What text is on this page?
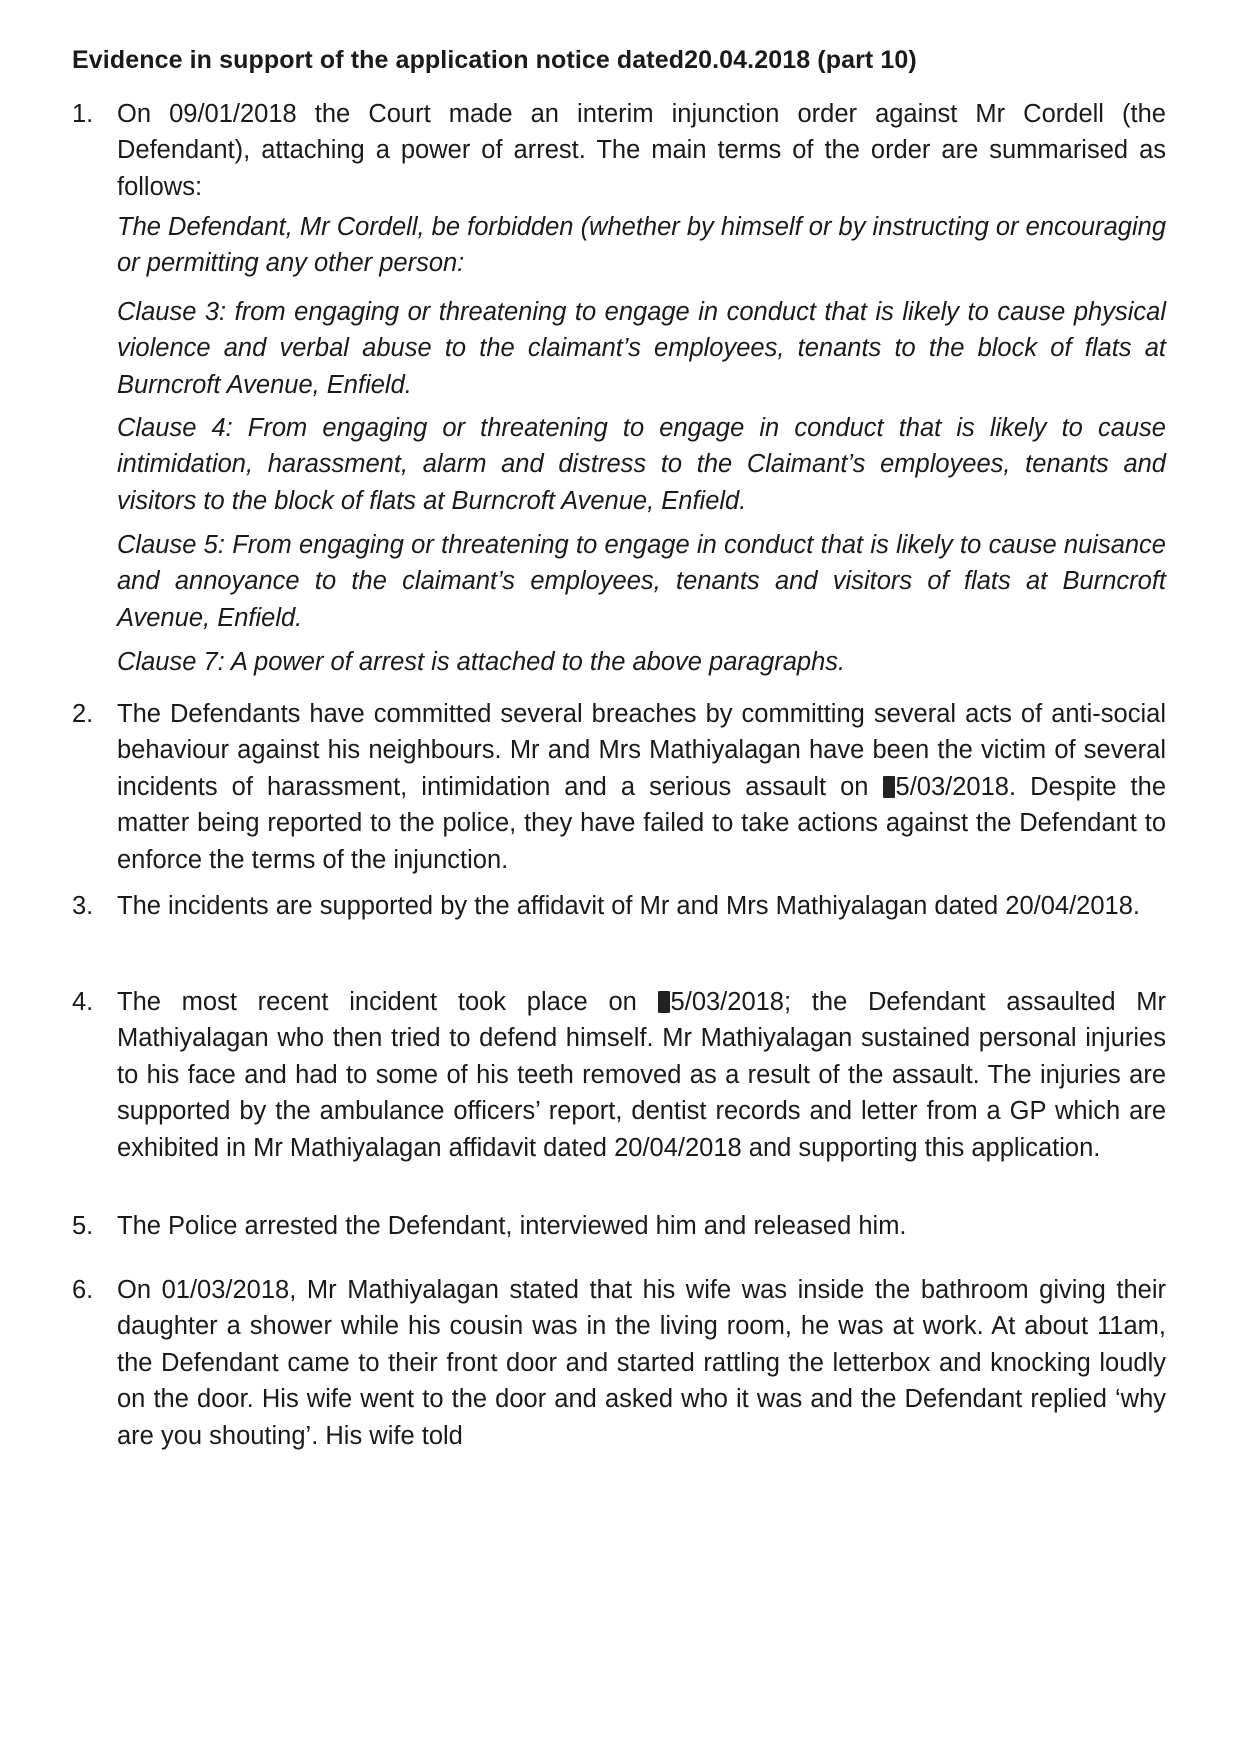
Evidence in support of the application notice dated20.04.2018 (part 10)
1. On 09/01/2018 the Court made an interim injunction order against Mr Cordell (the Defendant), attaching a power of arrest. The main terms of the order are summarised as follows:
The Defendant, Mr Cordell, be forbidden (whether by himself or by instructing or encouraging or permitting any other person:
Clause 3: from engaging or threatening to engage in conduct that is likely to cause physical violence and verbal abuse to the claimant’s employees, tenants to the block of flats at Burncroft Avenue, Enfield.
Clause 4: From engaging or threatening to engage in conduct that is likely to cause intimidation, harassment, alarm and distress to the Claimant’s employees, tenants and visitors to the block of flats at Burncroft Avenue, Enfield.
Clause 5: From engaging or threatening to engage in conduct that is likely to cause nuisance and annoyance to the claimant’s employees, tenants and visitors of flats at Burncroft Avenue, Enfield.
Clause 7: A power of arrest is attached to the above paragraphs.
2. The Defendants have committed several breaches by committing several acts of anti-social behaviour against his neighbours. Mr and Mrs Mathiyalagan have been the victim of several incidents of harassment, intimidation and a serious assault on 5/03/2018. Despite the matter being reported to the police, they have failed to take actions against the Defendant to enforce the terms of the injunction.
3. The incidents are supported by the affidavit of Mr and Mrs Mathiyalagan dated 20/04/2018.
4. The most recent incident took place on 5/03/2018; the Defendant assaulted Mr Mathiyalagan who then tried to defend himself. Mr Mathiyalagan sustained personal injuries to his face and had to some of his teeth removed as a result of the assault. The injuries are supported by the ambulance officers’ report, dentist records and letter from a GP which are exhibited in Mr Mathiyalagan affidavit dated 20/04/2018 and supporting this application.
5. The Police arrested the Defendant, interviewed him and released him.
6. On 01/03/2018, Mr Mathiyalagan stated that his wife was inside the bathroom giving their daughter a shower while his cousin was in the living room, he was at work. At about 11am, the Defendant came to their front door and started rattling the letterbox and knocking loudly on the door. His wife went to the door and asked who it was and the Defendant replied ‘why are you shouting’. His wife told
